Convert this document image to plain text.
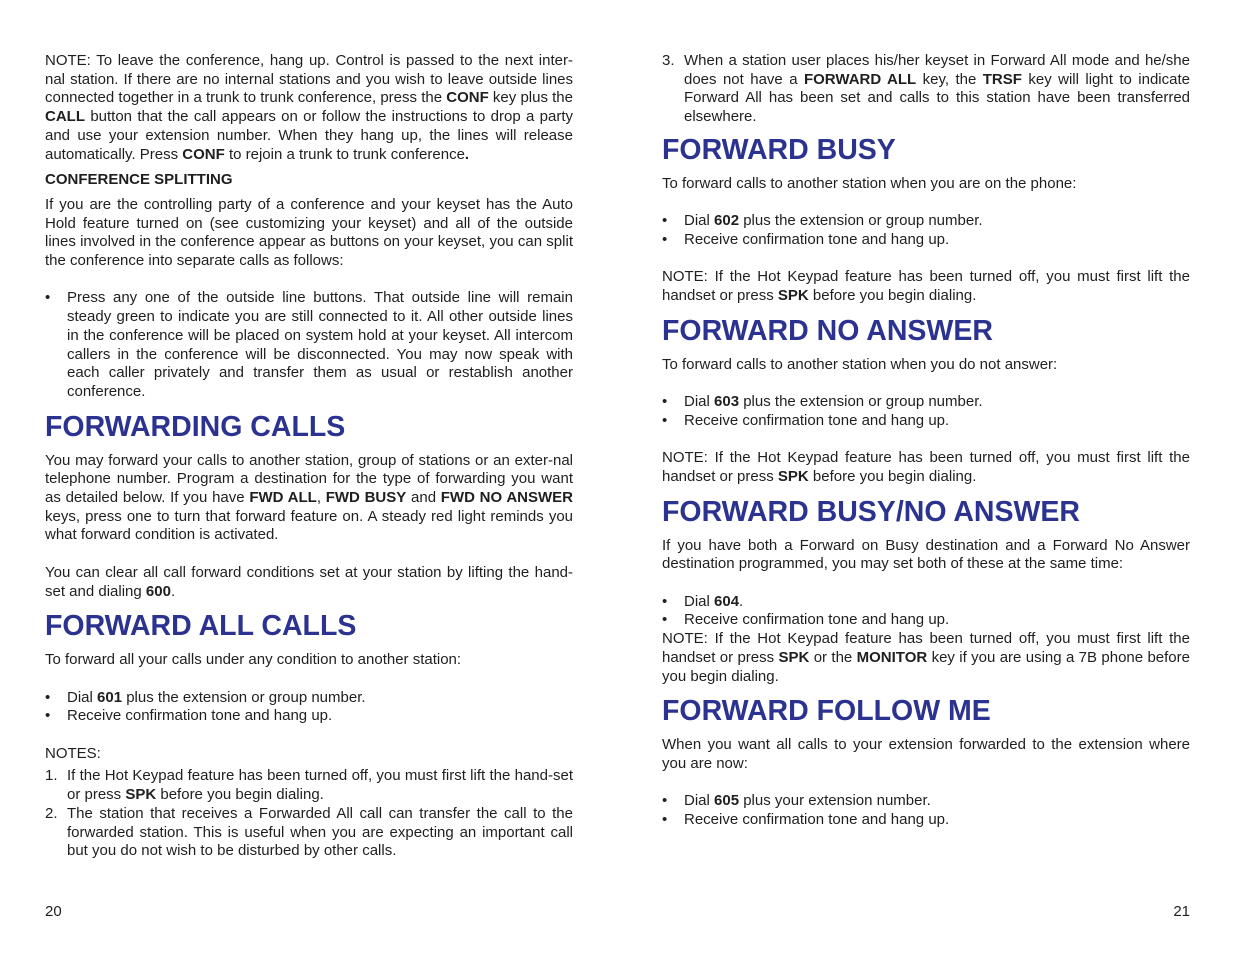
NOTE: To leave the conference, hang up. Control is passed to the next inter-nal station. If there are no internal stations and you wish to leave outside lines connected together in a trunk to trunk conference, press the CONF key plus the CALL button that the call appears on or follow the instructions to drop a party and use your extension number. When they hang up, the lines will release automatically. Press CONF to rejoin a trunk to trunk conference.

CONFERENCE SPLITTING

If you are the controlling party of a conference and your keyset has the Auto Hold feature turned on (see customizing your keyset) and all of the outside lines involved in the conference appear as buttons on your keyset, you can split the conference into separate calls as follows:

•	Press any one of the outside line buttons. That outside line will remain steady green to indicate you are still connected to it. All other outside lines in the conference will be placed on system hold at your keyset. All intercom callers in the conference will be disconnected. You may now speak with each caller privately and transfer them as usual or restablish another conference.
FORWARDING CALLS

You may forward your calls to another station, group of stations or an exter-nal telephone number. Program a destination for the type of forwarding you want as detailed below. If you have FWD ALL, FWD BUSY and FWD NO ANSWER keys, press one to turn that forward feature on. A steady red light reminds you what forward condition is activated.

You can clear all call forward conditions set at your station by lifting the hand-set and dialing 600.

FORWARD ALL CALLS

To forward all your calls under any condition to another station:

•	Dial 601 plus the extension or group number.
•	Receive confirmation tone and hang up.

NOTES:

1. If the Hot Keypad feature has been turned off, you must first lift the hand-set or press SPK before you begin dialing.
2. The station that receives a Forwarded All call can transfer the call to the forwarded station. This is useful when you are expecting an important call but you do not wish to be disturbed by other calls.
3. When a station user places his/her keyset in Forward All mode and he/she does not have a FORWARD ALL key, the TRSF key will light to indicate Forward All has been set and calls to this station have been transferred elsewhere.
FORWARD BUSY

To forward calls to another station when you are on the phone:

•	Dial 602 plus the extension or group number.
•	Receive confirmation tone and hang up.

NOTE: If the Hot Keypad feature has been turned off, you must first lift the handset or press SPK before you begin dialing.

FORWARD NO ANSWER

To forward calls to another station when you do not answer:

•	Dial 603 plus the extension or group number.
•	Receive confirmation tone and hang up.

NOTE: If the Hot Keypad feature has been turned off, you must first lift the handset or press SPK before you begin dialing.

FORWARD BUSY/NO ANSWER

If you have both a Forward on Busy destination and a Forward No Answer destination programmed, you may set both of these at the same time:

•	Dial 604.
•	Receive confirmation tone and hang up.

NOTE: If the Hot Keypad feature has been turned off, you must first lift the handset or press SPK or the MONITOR key if you are using a 7B phone before you begin dialing.

FORWARD FOLLOW ME

When you want all calls to your extension forwarded to the extension where you are now:

•	Dial 605 plus your extension number.
•	Receive confirmation tone and hang up.
20	21
